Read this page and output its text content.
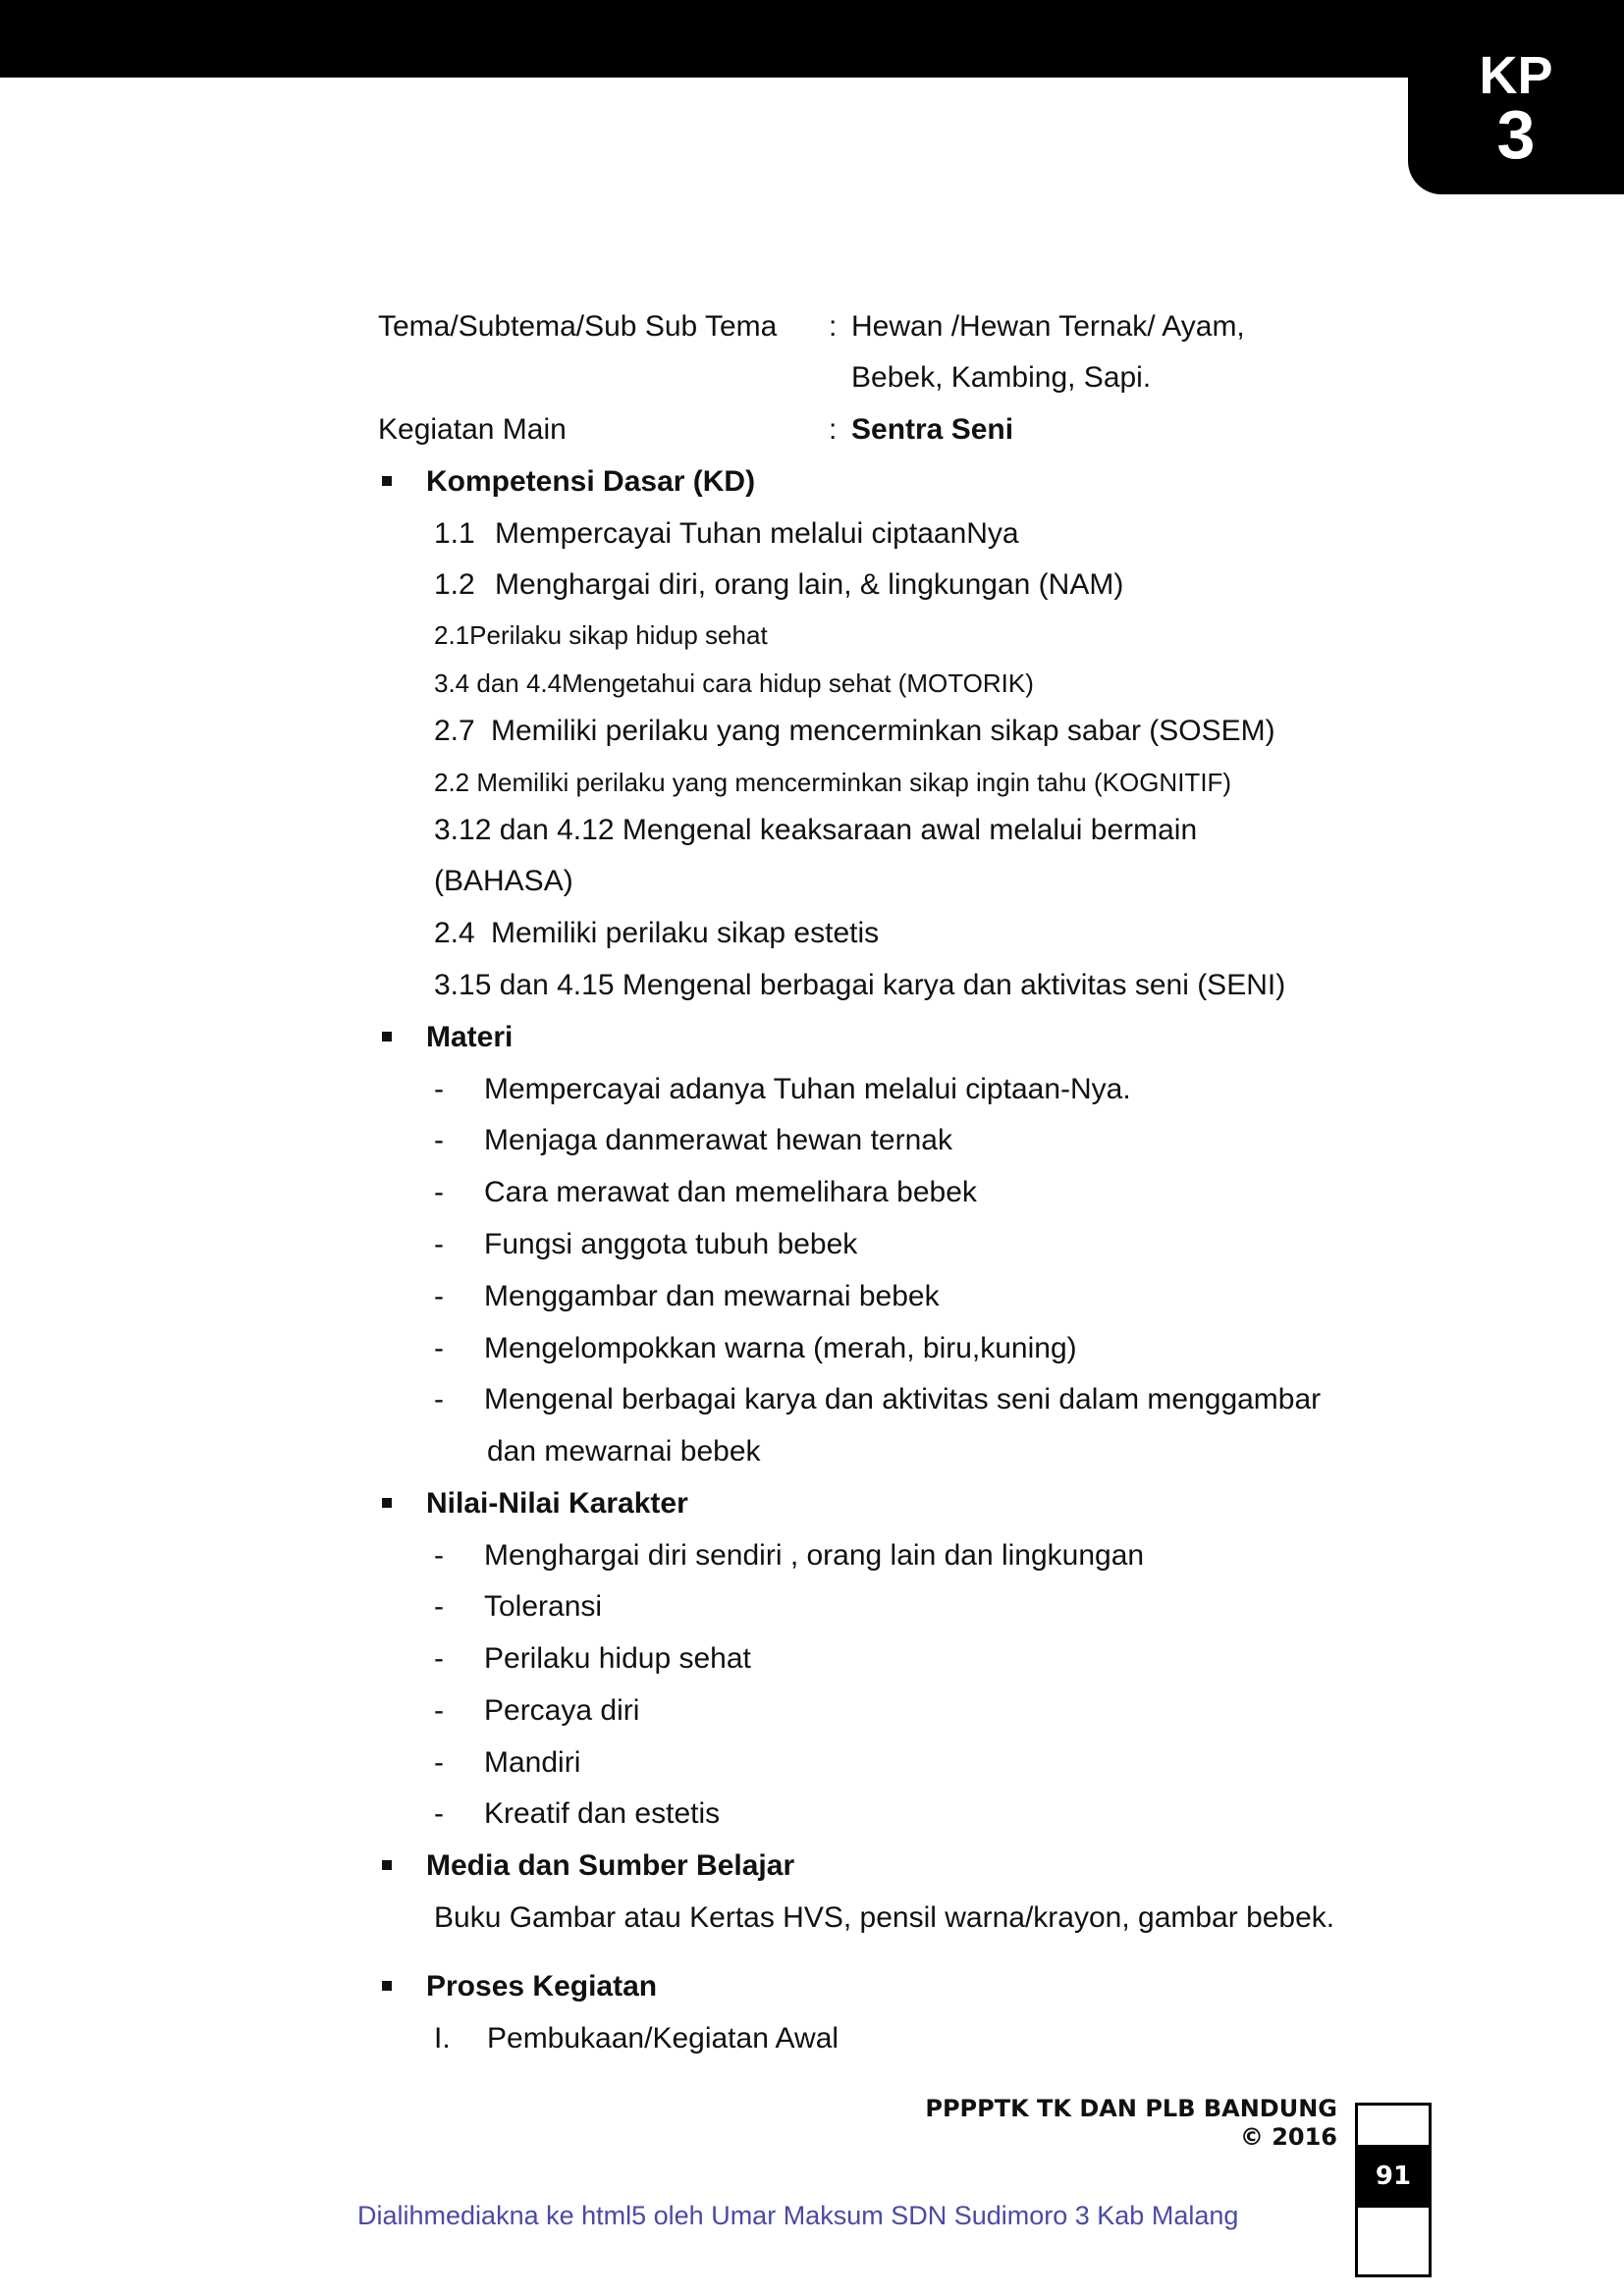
KP
3
Tema/Subtema/Sub Sub Tema : Hewan /Hewan Ternak/ Ayam,
Bebek, Kambing, Sapi.
Kegiatan Main	: Sentra Seni
Kompetensi Dasar (KD)
1.1 Mempercayai Tuhan melalui ciptaanNya
1.2 Menghargai diri, orang lain, & lingkungan (NAM)
2.1Perilaku sikap hidup sehat
3.4 dan 4.4Mengetahui cara hidup sehat (MOTORIK)
2.7 Memiliki perilaku yang mencerminkan sikap sabar (SOSEM)
2.2 Memiliki perilaku yang mencerminkan sikap ingin tahu (KOGNITIF)
3.12 dan 4.12 Mengenal keaksaraan awal melalui bermain
(BAHASA)
2.4 Memiliki perilaku sikap estetis
3.15 dan 4.15 Mengenal berbagai karya dan aktivitas seni (SENI)
Materi
- Mempercayai adanya Tuhan melalui ciptaan-Nya.
- Menjaga danmerawat hewan ternak
- Cara merawat dan memelihara bebek
- Fungsi anggota tubuh bebek
- Menggambar dan mewarnai bebek
- Mengelompokkan warna (merah, biru,kuning)
- Mengenal berbagai karya dan aktivitas seni dalam menggambar
dan mewarnai bebek
Nilai-Nilai Karakter
- Menghargai diri sendiri , orang lain dan lingkungan
- Toleransi
- Perilaku hidup sehat
- Percaya diri
- Mandiri
- Kreatif dan estetis
Media dan Sumber Belajar
Buku Gambar atau Kertas HVS, pensil warna/krayon, gambar bebek.
Proses Kegiatan
I. Pembukaan/Kegiatan Awal
PPPPTK TK DAN PLB BANDUNG
© 2016
91
Dialihmediakna ke html5 oleh Umar Maksum SDN Sudimoro 3 Kab Malang
